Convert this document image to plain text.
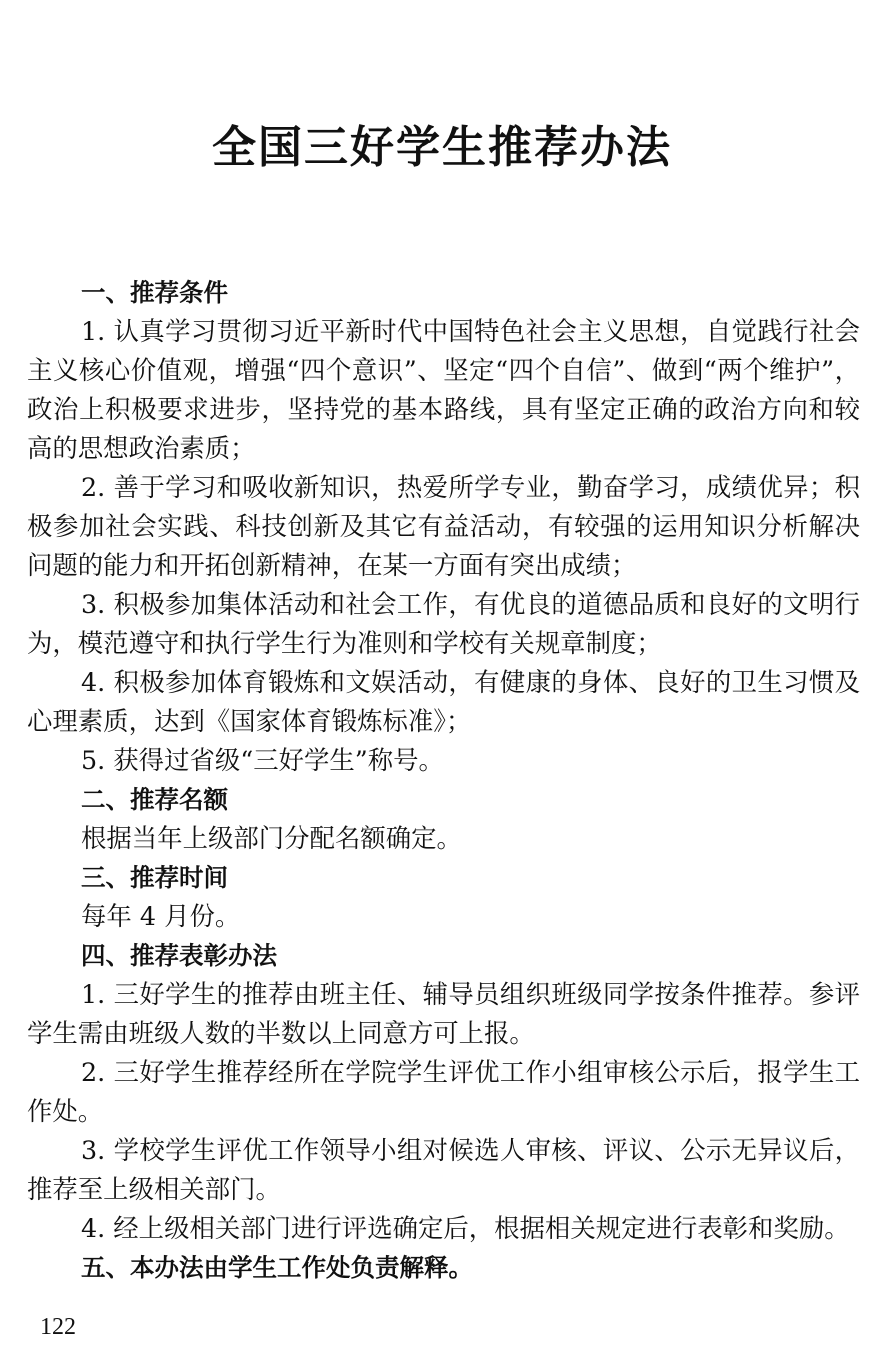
全国三好学生推荐办法

一、推荐条件

1. 认真学习贯彻习近平新时代中国特色社会主义思想，自觉践行社会主义核心价值观，增强“四个意识”、坚定“四个自信”、做到“两个维护”，政治上积极要求进步，坚持党的基本路线，具有坚定正确的政治方向和较高的思想政治素质；

2. 善于学习和吸收新知识，热爱所学专业，勤奋学习，成绩优异；积极参加社会实践、科技创新及其它有益活动，有较强的运用知识分析解决问题的能力和开拓创新精神，在某一方面有突出成绩；

3. 积极参加集体活动和社会工作，有优良的道德品质和良好的文明行为，模范遵守和执行学生行为准则和学校有关规章制度；

4. 积极参加体育锻炼和文娱活动，有健康的身体、良好的卫生习惯及心理素质，达到《国家体育锻炼标准》；

5. 获得过省级“三好学生”称号。

二、推荐名额

根据当年上级部门分配名额确定。

三、推荐时间

每年 4 月份。

四、推荐表彰办法

1. 三好学生的推荐由班主任、辅导员组织班级同学按条件推荐。参评学生需由班级人数的半数以上同意方可上报。

2. 三好学生推荐经所在学院学生评优工作小组审核公示后，报学生工作处。

3. 学校学生评优工作领导小组对候选人审核、评议、公示无异议后，推荐至上级相关部门。

4. 经上级相关部门进行评选确定后，根据相关规定进行表彰和奖励。

五、本办法由学生工作处负责解释。

122
